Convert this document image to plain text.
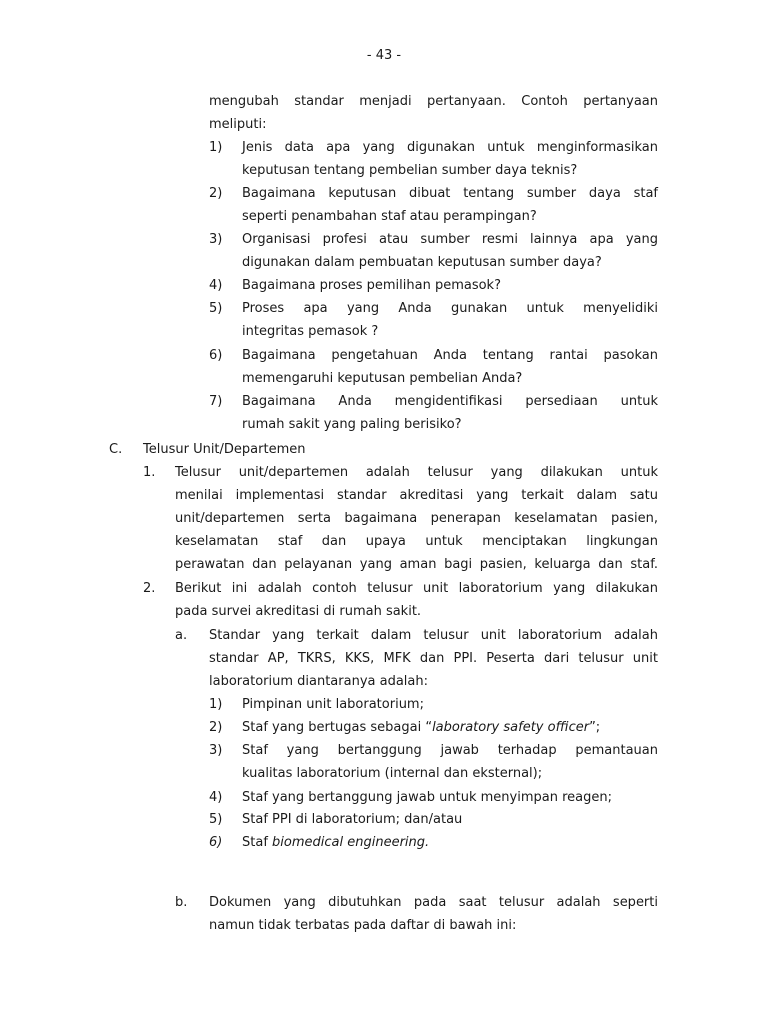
- 43 -
mengubah standar menjadi pertanyaan. Contoh pertanyaan
meliputi:
1) Jenis data apa yang digunakan untuk menginformasikan
keputusan tentang pembelian sumber daya teknis?
2) Bagaimana keputusan dibuat tentang sumber daya staf
seperti penambahan staf atau perampingan?
3) Organisasi profesi atau sumber resmi lainnya apa yang
digunakan dalam pembuatan keputusan sumber daya?
4) Bagaimana proses pemilihan pemasok?
5) Proses apa yang Anda gunakan untuk menyelidiki
integritas pemasok ?
6) Bagaimana pengetahuan Anda tentang rantai pasokan
memengaruhi keputusan pembelian Anda?
7) Bagaimana Anda mengidentifikasi persediaan untuk
rumah sakit yang paling berisiko?
C. Telusur Unit/Departemen
1. Telusur unit/departemen adalah telusur yang dilakukan untuk
menilai implementasi standar akreditasi yang terkait dalam satu
unit/departemen serta bagaimana penerapan keselamatan pasien,
keselamatan staf dan upaya untuk menciptakan lingkungan
perawatan dan pelayanan yang aman bagi pasien, keluarga dan staf.
2. Berikut ini adalah contoh telusur unit laboratorium yang dilakukan
pada survei akreditasi di rumah sakit.
a. Standar yang terkait dalam telusur unit laboratorium adalah
standar AP, TKRS, KKS, MFK dan PPI. Peserta dari telusur unit
laboratorium diantaranya adalah:
1) Pimpinan unit laboratorium;
2) Staf yang bertugas sebagai “laboratory safety officer”;
3) Staf yang bertanggung jawab terhadap pemantauan
kualitas laboratorium (internal dan eksternal);
4) Staf yang bertanggung jawab untuk menyimpan reagen;
5) Staf PPI di laboratorium; dan/atau
6) Staf biomedical engineering.
b. Dokumen yang dibutuhkan pada saat telusur adalah seperti
namun tidak terbatas pada daftar di bawah ini:
